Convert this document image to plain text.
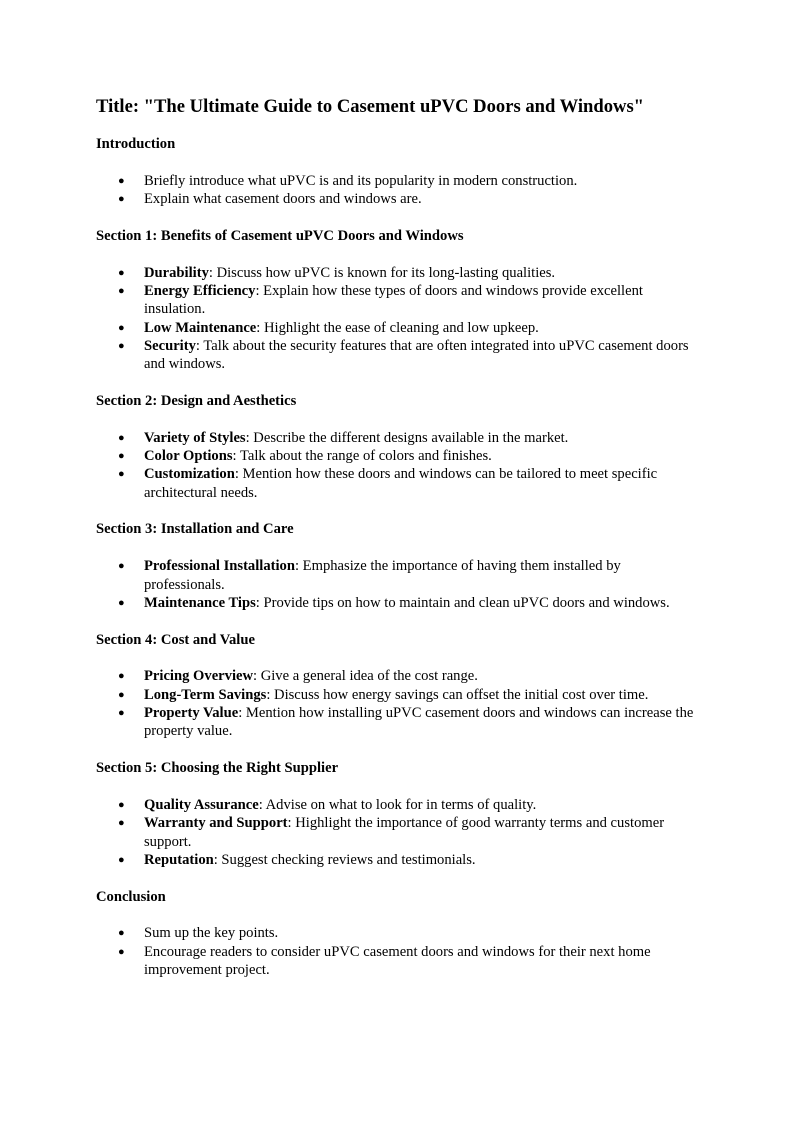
Title: "The Ultimate Guide to Casement uPVC Doors and Windows"
Introduction
● Briefly introduce what uPVC is and its popularity in modern construction.
● Explain what casement doors and windows are.
Section 1: Benefits of Casement uPVC Doors and Windows
● Durability: Discuss how uPVC is known for its long-lasting qualities.
● Energy Efficiency: Explain how these types of doors and windows provide excellent insulation.
● Low Maintenance: Highlight the ease of cleaning and low upkeep.
● Security: Talk about the security features that are often integrated into uPVC casement doors and windows.
Section 2: Design and Aesthetics
● Variety of Styles: Describe the different designs available in the market.
● Color Options: Talk about the range of colors and finishes.
● Customization: Mention how these doors and windows can be tailored to meet specific architectural needs.
Section 3: Installation and Care
● Professional Installation: Emphasize the importance of having them installed by professionals.
● Maintenance Tips: Provide tips on how to maintain and clean uPVC doors and windows.
Section 4: Cost and Value
● Pricing Overview: Give a general idea of the cost range.
● Long-Term Savings: Discuss how energy savings can offset the initial cost over time.
● Property Value: Mention how installing uPVC casement doors and windows can increase the property value.
Section 5: Choosing the Right Supplier
● Quality Assurance: Advise on what to look for in terms of quality.
● Warranty and Support: Highlight the importance of good warranty terms and customer support.
● Reputation: Suggest checking reviews and testimonials.
Conclusion
● Sum up the key points.
● Encourage readers to consider uPVC casement doors and windows for their next home improvement project.
